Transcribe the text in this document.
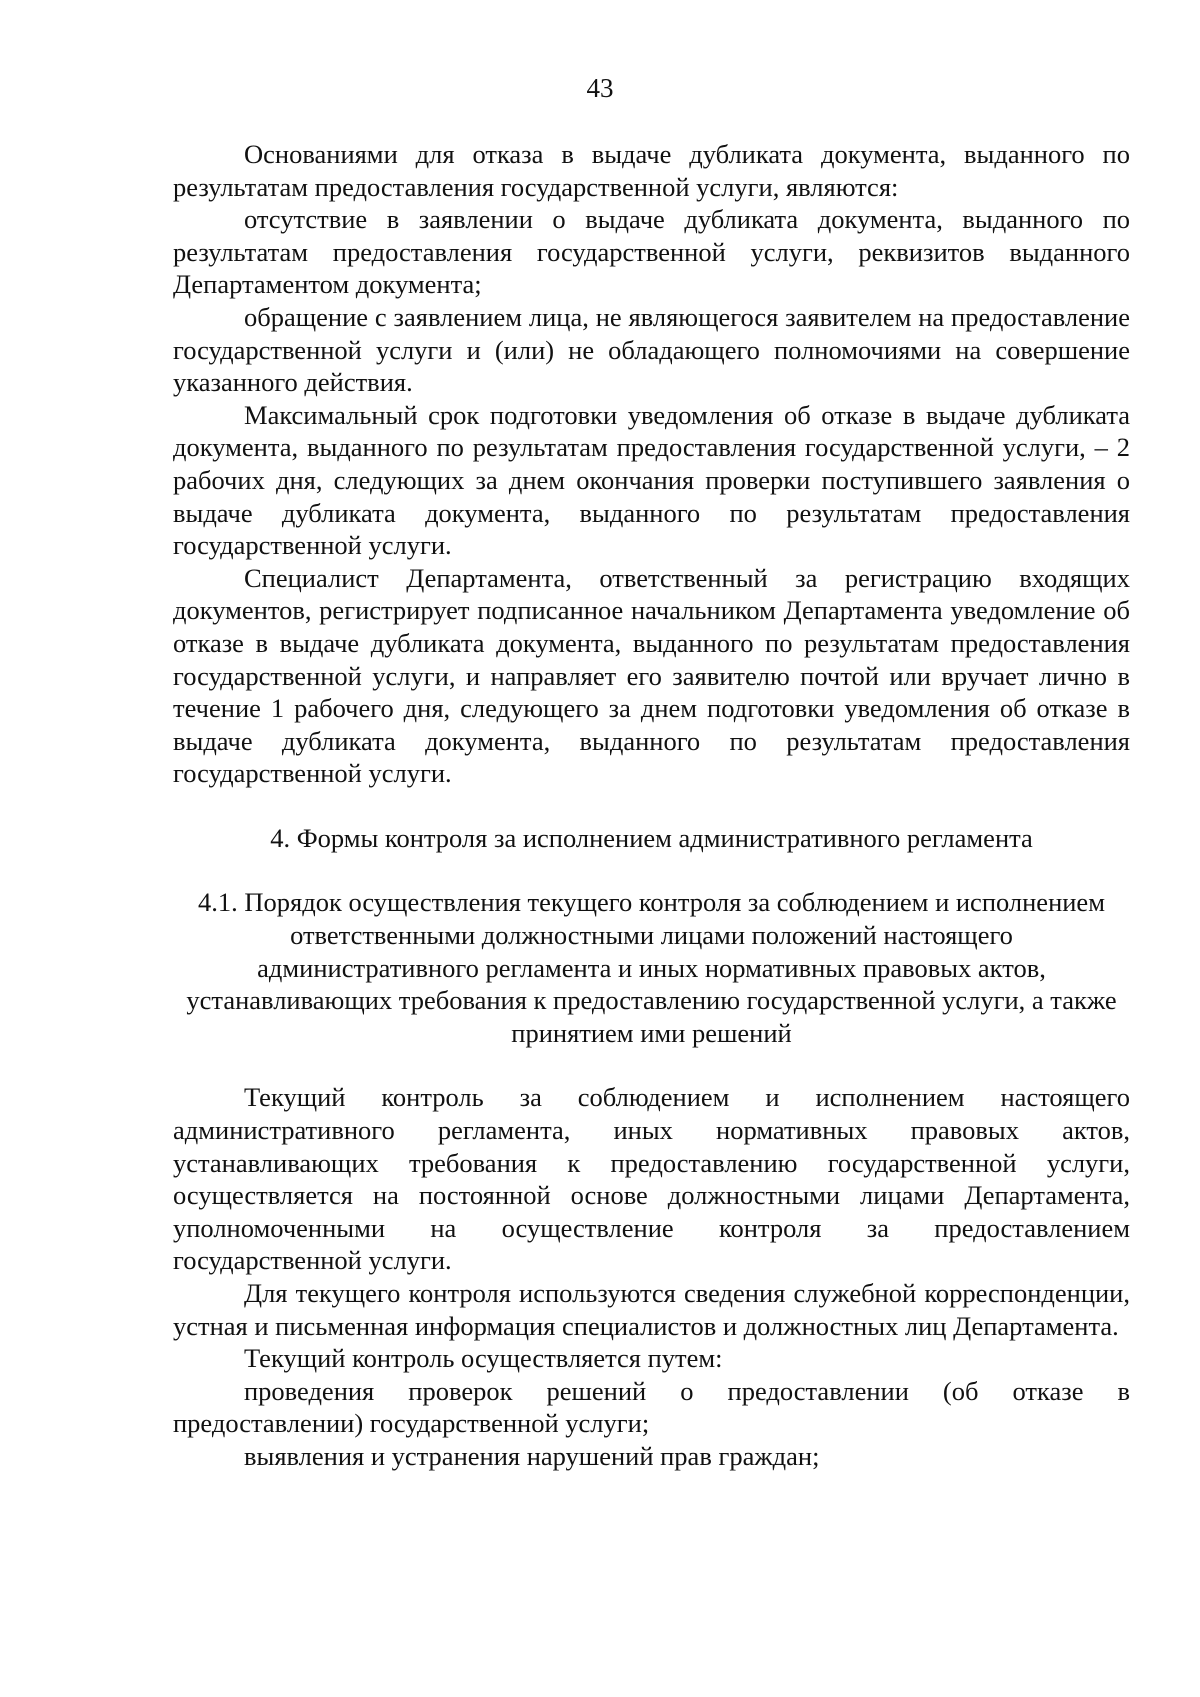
43

Основаниями для отказа в выдаче дубликата документа, выданного по результатам предоставления государственной услуги, являются:

отсутствие в заявлении о выдаче дубликата документа, выданного по результатам предоставления государственной услуги, реквизитов выданного Департаментом документа;

обращение с заявлением лица, не являющегося заявителем на предоставление государственной услуги и (или) не обладающего полномочиями на совершение указанного действия.

Максимальный срок подготовки уведомления об отказе в выдаче дубликата документа, выданного по результатам предоставления государственной услуги, – 2 рабочих дня, следующих за днем окончания проверки поступившего заявления о выдаче дубликата документа, выданного по результатам предоставления государственной услуги.

Специалист Департамента, ответственный за регистрацию входящих документов, регистрирует подписанное начальником Департамента уведомление об отказе в выдаче дубликата документа, выданного по результатам предоставления государственной услуги, и направляет его заявителю почтой или вручает лично в течение 1 рабочего дня, следующего за днем подготовки уведомления об отказе в выдаче дубликата документа, выданного по результатам предоставления государственной услуги.

4. Формы контроля за исполнением административного регламента

4.1. Порядок осуществления текущего контроля за соблюдением и исполнением ответственными должностными лицами положений настоящего административного регламента и иных нормативных правовых актов, устанавливающих требования к предоставлению государственной услуги, а также принятием ими решений

Текущий контроль за соблюдением и исполнением настоящего административного регламента, иных нормативных правовых актов, устанавливающих требования к предоставлению государственной услуги, осуществляется на постоянной основе должностными лицами Департамента, уполномоченными на осуществление контроля за предоставлением государственной услуги.

Для текущего контроля используются сведения служебной корреспонденции, устная и письменная информация специалистов и должностных лиц Департамента.

Текущий контроль осуществляется путем:

проведения проверок решений о предоставлении (об отказе в предоставлении) государственной услуги;

выявления и устранения нарушений прав граждан;
